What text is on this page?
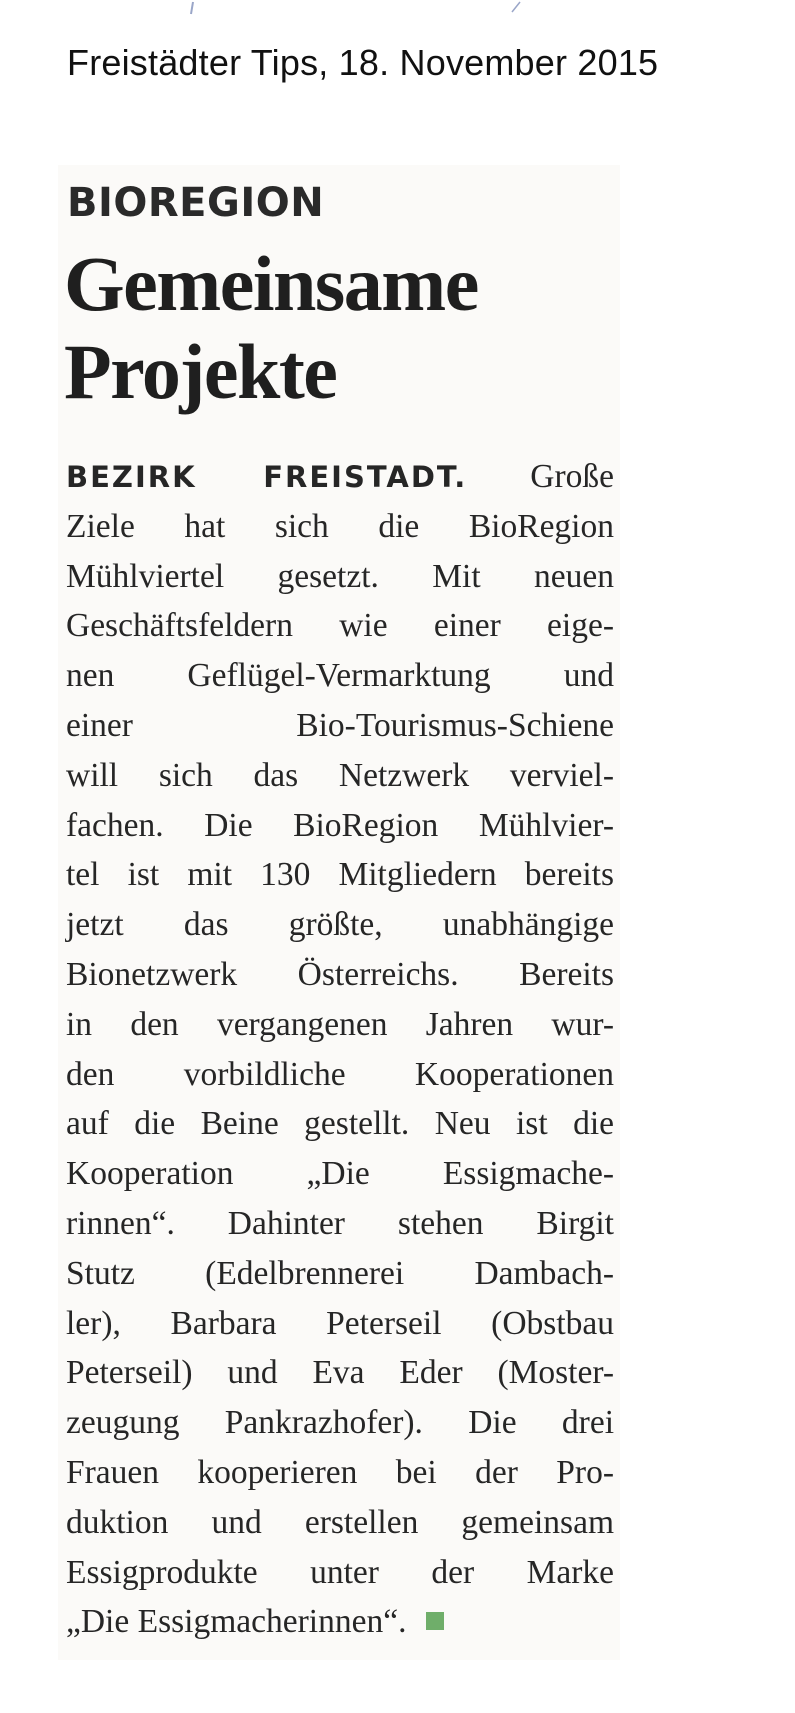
Freistädter Tips, 18. November 2015
BIOREGION
Gemeinsame
Projekte
BEZIRK FREISTADT. Große
Ziele hat sich die BioRegion
Mühlviertel gesetzt. Mit neuen
Geschäftsfeldern wie einer eige-
nen Geflügel-Vermarktung und
einer Bio-Tourismus-Schiene
will sich das Netzwerk verviel-
fachen. Die BioRegion Mühlvier-
tel ist mit 130 Mitgliedern bereits
jetzt das größte, unabhängige
Bionetzwerk Österreichs. Bereits
in den vergangenen Jahren wur-
den vorbildliche Kooperationen
auf die Beine gestellt. Neu ist die
Kooperation „Die Essigmache-
rinnen“. Dahinter stehen Birgit
Stutz (Edelbrennerei Dambach-
ler), Barbara Peterseil (Obstbau
Peterseil) und Eva Eder (Moster-
zeugung Pankrazhofer). Die drei
Frauen kooperieren bei der Pro-
duktion und erstellen gemeinsam
Essigprodukte unter der Marke
„Die Essigmacherinnen“.
